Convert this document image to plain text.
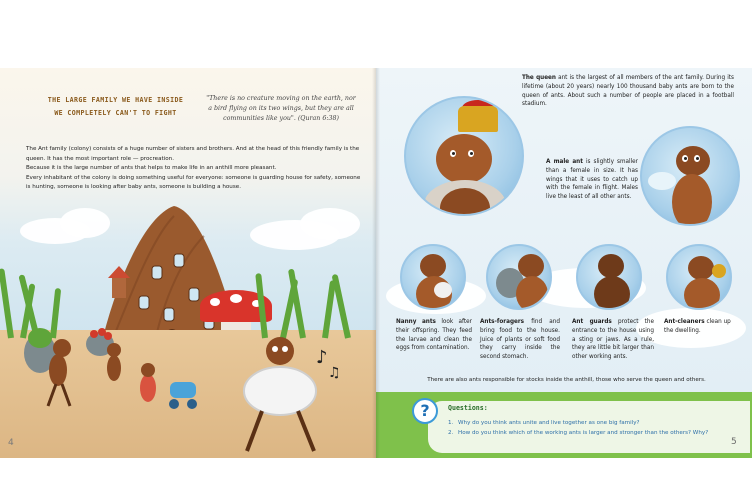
THE LARGE FAMILY WE HAVE INSIDE
WE COMPLETELY CAN'T TO FIGHT
"There is no creature moving on the earth, nor
a bird flying on its two wings, but they are all
communities like you". (Quran 6:38)

The Ant family (colony) consists of a huge number of sisters and brothers. And at the head of this friendly family is the queen. It has the most important role — procreation.

Because it is the large number of ants that helps to make life in an anthill more pleasant.

Every inhabitant of the colony is doing something useful for everyone: someone is guarding house for safety, someone is hunting, someone is looking after baby ants, someone is building a house.

♪
♫
4
The queen ant is the largest of all members of the ant family. During its lifetime (about 20 years) nearly 100 thousand baby ants are born to the queen of ants. About such a number of people are placed in a football stadium.
A male ant is slightly smaller than a female in size. It has wings that it uses to catch up with the female in flight. Males live the least of all other ants.
Nanny ants look after their offspring. They feed the larvae and clean the eggs from contamination.
Ants-foragers find and bring food to the house. Juice of plants or soft food they carry inside the second stomach.
Ant guards protect the entrance to the house using a sting or jaws. As a rule, they are little bit larger than other working ants.
Ant-cleaners clean up the dwelling.
There are also ants responsible for stocks inside the anthill, those who serve the queen and others.
?	Questions:
1. Why do you think ants unite and live together as one big family?
2. How do you think which of the working ants is larger and stronger than the others? Why?
5
